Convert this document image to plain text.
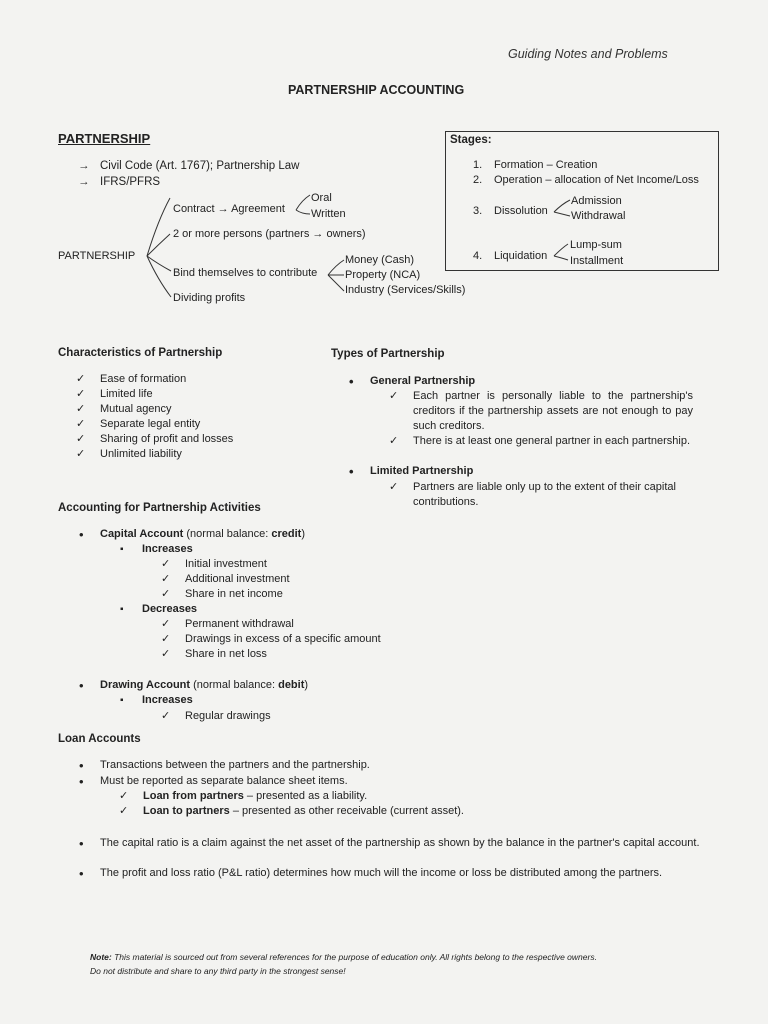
Guiding Notes and Problems
PARTNERSHIP ACCOUNTING
PARTNERSHIP
→ Civil Code (Art. 1767); Partnership Law
→ IFRS/PFRS
PARTNERSHIP
Contract → Agreement
Oral
Written
2 or more persons (partners → owners)
Bind themselves to contribute
Money (Cash)
Property (NCA)
Industry (Services/Skills)
Dividing profits
Stages:
1. Formation – Creation
2. Operation – allocation of Net Income/Loss
3. Dissolution
Admission
Withdrawal
4. Liquidation
Lump-sum
Installment
Characteristics of Partnership
✓ Ease of formation
✓ Limited life
✓ Mutual agency
✓ Separate legal entity
✓ Sharing of profit and losses
✓ Unlimited liability
Types of Partnership
• General Partnership
✓ Each partner is personally liable to the partnership's creditors if the partnership assets are not enough to pay such creditors.
✓ There is at least one general partner in each partnership.
• Limited Partnership
✓ Partners are liable only up to the extent of their capital contributions.
Accounting for Partnership Activities
• Capital Account (normal balance: credit)
▪ Increases
✓ Initial investment
✓ Additional investment
✓ Share in net income
▪ Decreases
✓ Permanent withdrawal
✓ Drawings in excess of a specific amount
✓ Share in net loss
• Drawing Account (normal balance: debit)
▪ Increases
✓ Regular drawings
Loan Accounts
• Transactions between the partners and the partnership.
• Must be reported as separate balance sheet items.
✓ Loan from partners – presented as a liability.
✓ Loan to partners – presented as other receivable (current asset).
• The capital ratio is a claim against the net asset of the partnership as shown by the balance in the partner's capital account.
• The profit and loss ratio (P&L ratio) determines how much will the income or loss be distributed among the partners.
Note: This material is sourced out from several references for the purpose of education only. All rights belong to the respective owners.
Do not distribute and share to any third party in the strongest sense!
